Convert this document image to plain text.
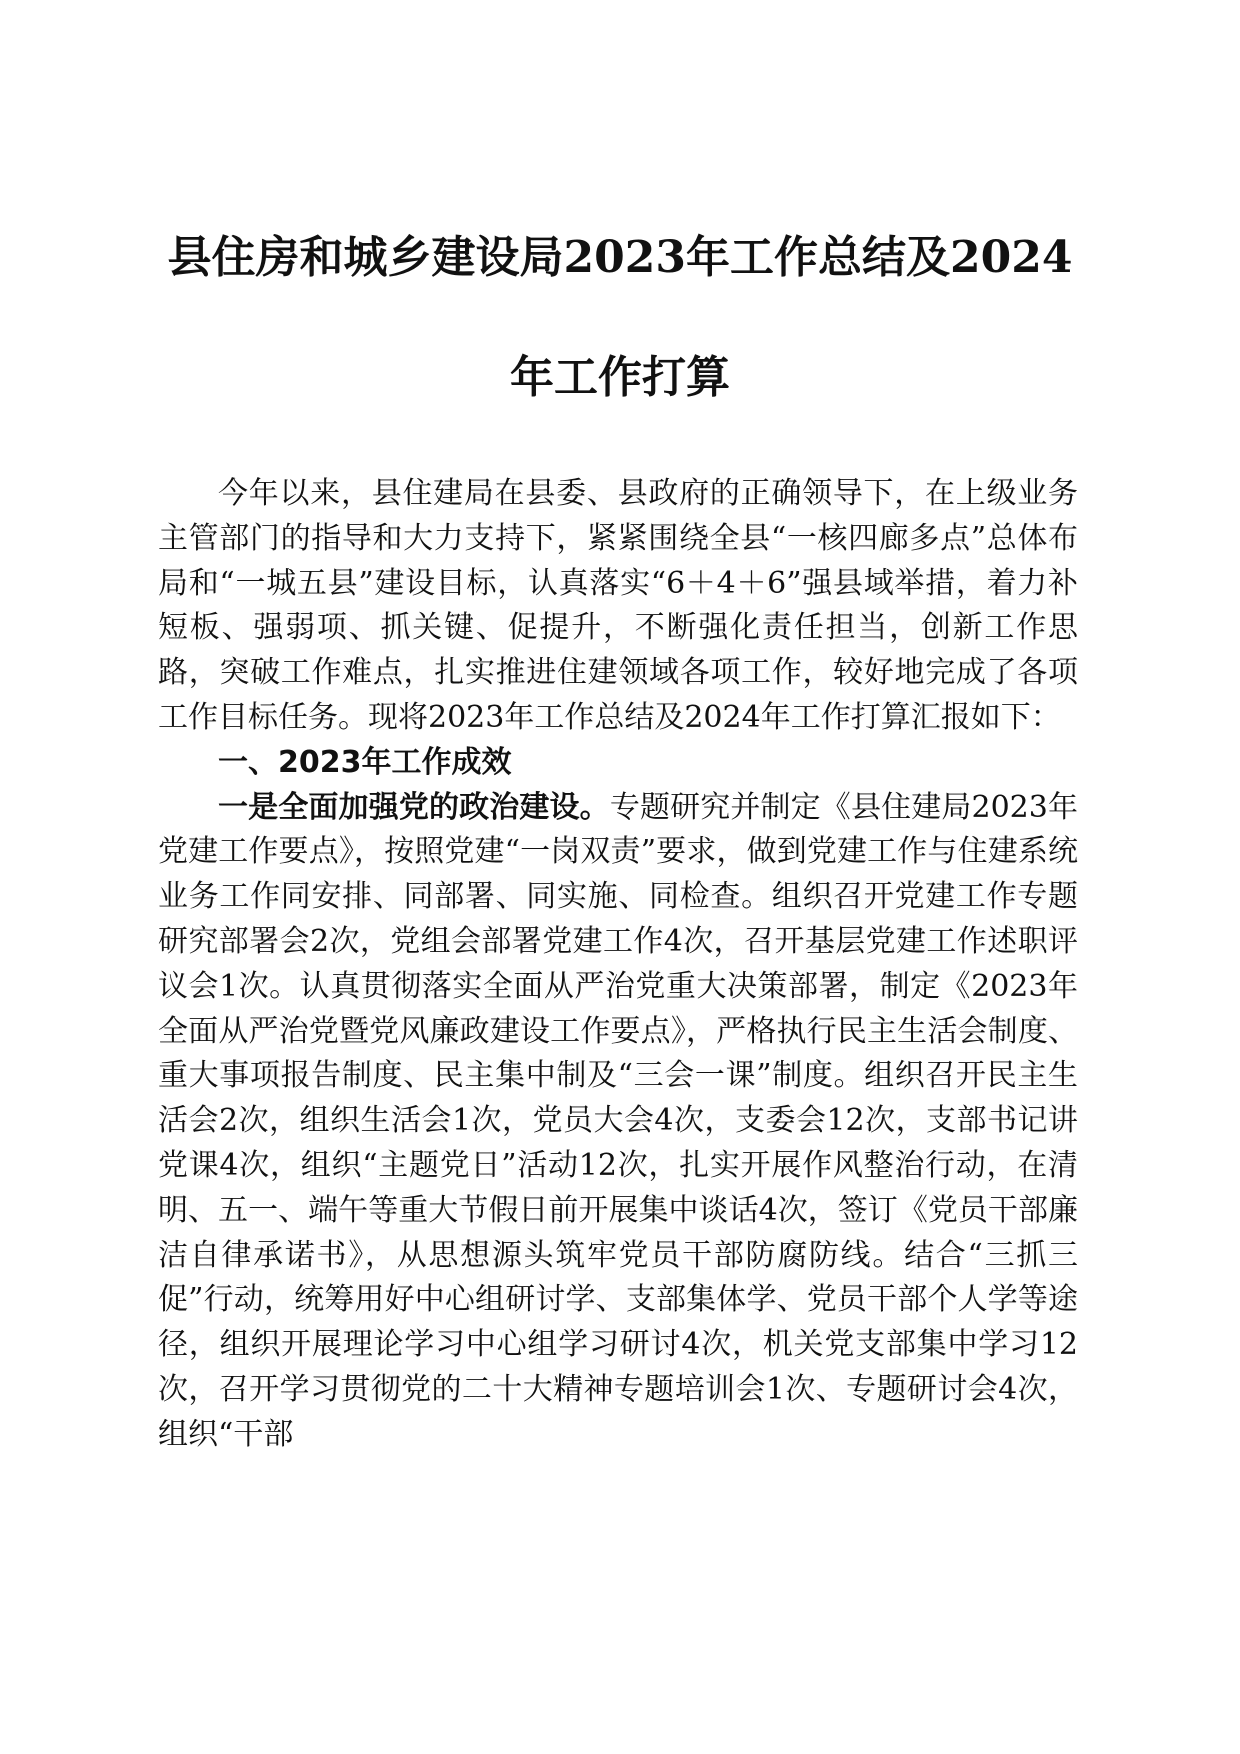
县住房和城乡建设局2023年工作总结及2024
年工作打算

今年以来，县住建局在县委、县政府的正确领导下，在上级业务主管部门的指导和大力支持下，紧紧围绕全县“一核四廊多点”总体布局和“一城五县”建设目标，认真落实“6＋4＋6”强县域举措，着力补短板、强弱项、抓关键、促提升，不断强化责任担当，创新工作思路，突破工作难点，扎实推进住建领域各项工作，较好地完成了各项工作目标任务。现将2023年工作总结及2024年工作打算汇报如下：

一、2023年工作成效

一是全面加强党的政治建设。专题研究并制定《县住建局2023年党建工作要点》，按照党建“一岗双责”要求，做到党建工作与住建系统业务工作同安排、同部署、同实施、同检查。组织召开党建工作专题研究部署会2次，党组会部署党建工作4次，召开基层党建工作述职评议会1次。认真贯彻落实全面从严治党重大决策部署，制定《2023年全面从严治党暨党风廉政建设工作要点》，严格执行民主生活会制度、重大事项报告制度、民主集中制及“三会一课”制度。组织召开民主生活会2次，组织生活会1次，党员大会4次，支委会12次，支部书记讲党课4次，组织“主题党日”活动12次，扎实开展作风整治行动，在清明、五一、端午等重大节假日前开展集中谈话4次，签订《党员干部廉洁自律承诺书》，从思想源头筑牢党员干部防腐防线。结合“三抓三促”行动，统筹用好中心组研讨学、支部集体学、党员干部个人学等途径，组织开展理论学习中心组学习研讨4次，机关党支部集中学习12次，召开学习贯彻党的二十大精神专题培训会1次、专题研讨会4次，组织“干部
